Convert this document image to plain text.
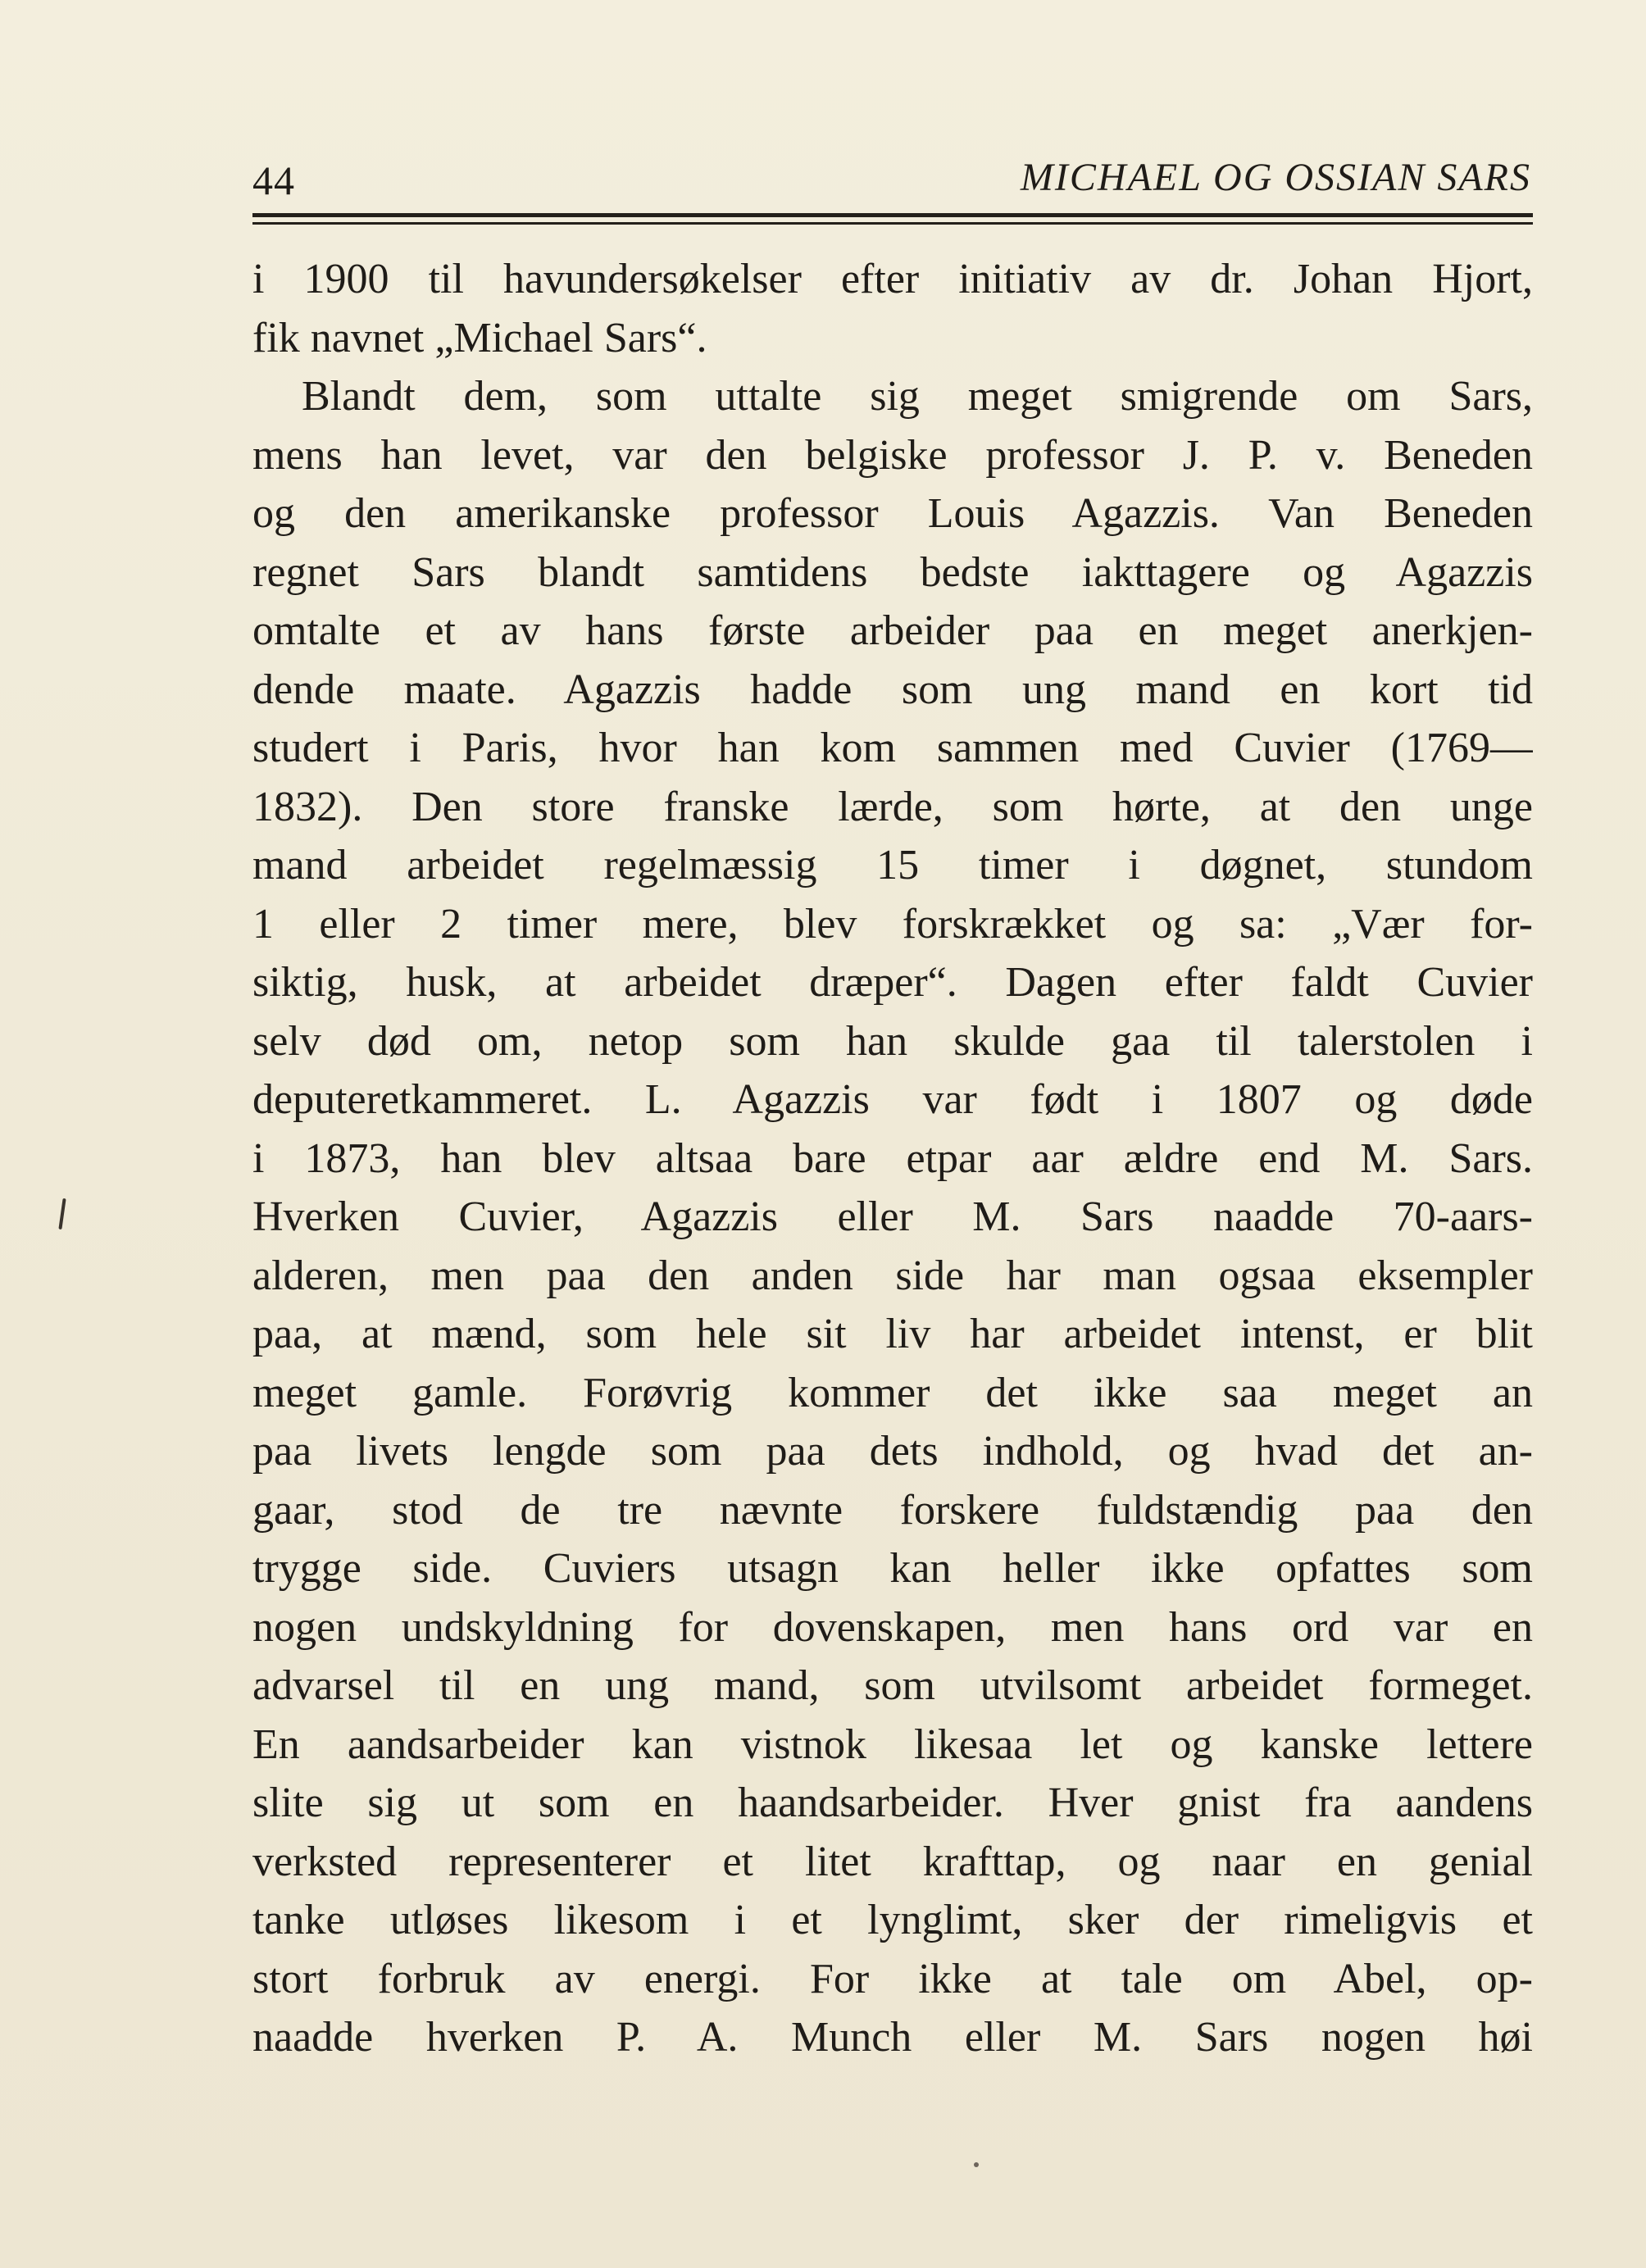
44	MICHAEL OG OSSIAN SARS
i 1900 til havundersøkelser efter initiativ av dr. Johan Hjort,
fik navnet „Michael Sars“.
Blandt dem, som uttalte sig meget smigrende om Sars,
mens han levet, var den belgiske professor J. P. v. Beneden
og den amerikanske professor Louis Agazzis. Van Beneden
regnet Sars blandt samtidens bedste iakttagere og Agazzis
omtalte et av hans første arbeider paa en meget anerkjen-
dende maate. Agazzis hadde som ung mand en kort tid
studert i Paris, hvor han kom sammen med Cuvier (1769—
1832). Den store franske lærde, som hørte, at den unge
mand arbeidet regelmæssig 15 timer i døgnet, stundom
1 eller 2 timer mere, blev forskrækket og sa: „Vær for-
siktig, husk, at arbeidet dræper“. Dagen efter faldt Cuvier
selv død om, netop som han skulde gaa til talerstolen i
deputeretkammeret. L. Agazzis var født i 1807 og døde
i 1873, han blev altsaa bare etpar aar ældre end M. Sars.
Hverken Cuvier, Agazzis eller M. Sars naadde 70-aars-
alderen, men paa den anden side har man ogsaa eksempler
paa, at mænd, som hele sit liv har arbeidet intenst, er blit
meget gamle. Forøvrig kommer det ikke saa meget an
paa livets lengde som paa dets indhold, og hvad det an-
gaar, stod de tre nævnte forskere fuldstændig paa den
trygge side. Cuviers utsagn kan heller ikke opfattes som
nogen undskyldning for dovenskapen, men hans ord var en
advarsel til en ung mand, som utvilsomt arbeidet formeget.
En aandsarbeider kan vistnok likesaa let og kanske lettere
slite sig ut som en haandsarbeider. Hver gnist fra aandens
verksted representerer et litet krafttap, og naar en genial
tanke utløses likesom i et lynglimt, sker der rimeligvis et
stort forbruk av energi. For ikke at tale om Abel, op-
naadde hverken P. A. Munch eller M. Sars nogen høi
